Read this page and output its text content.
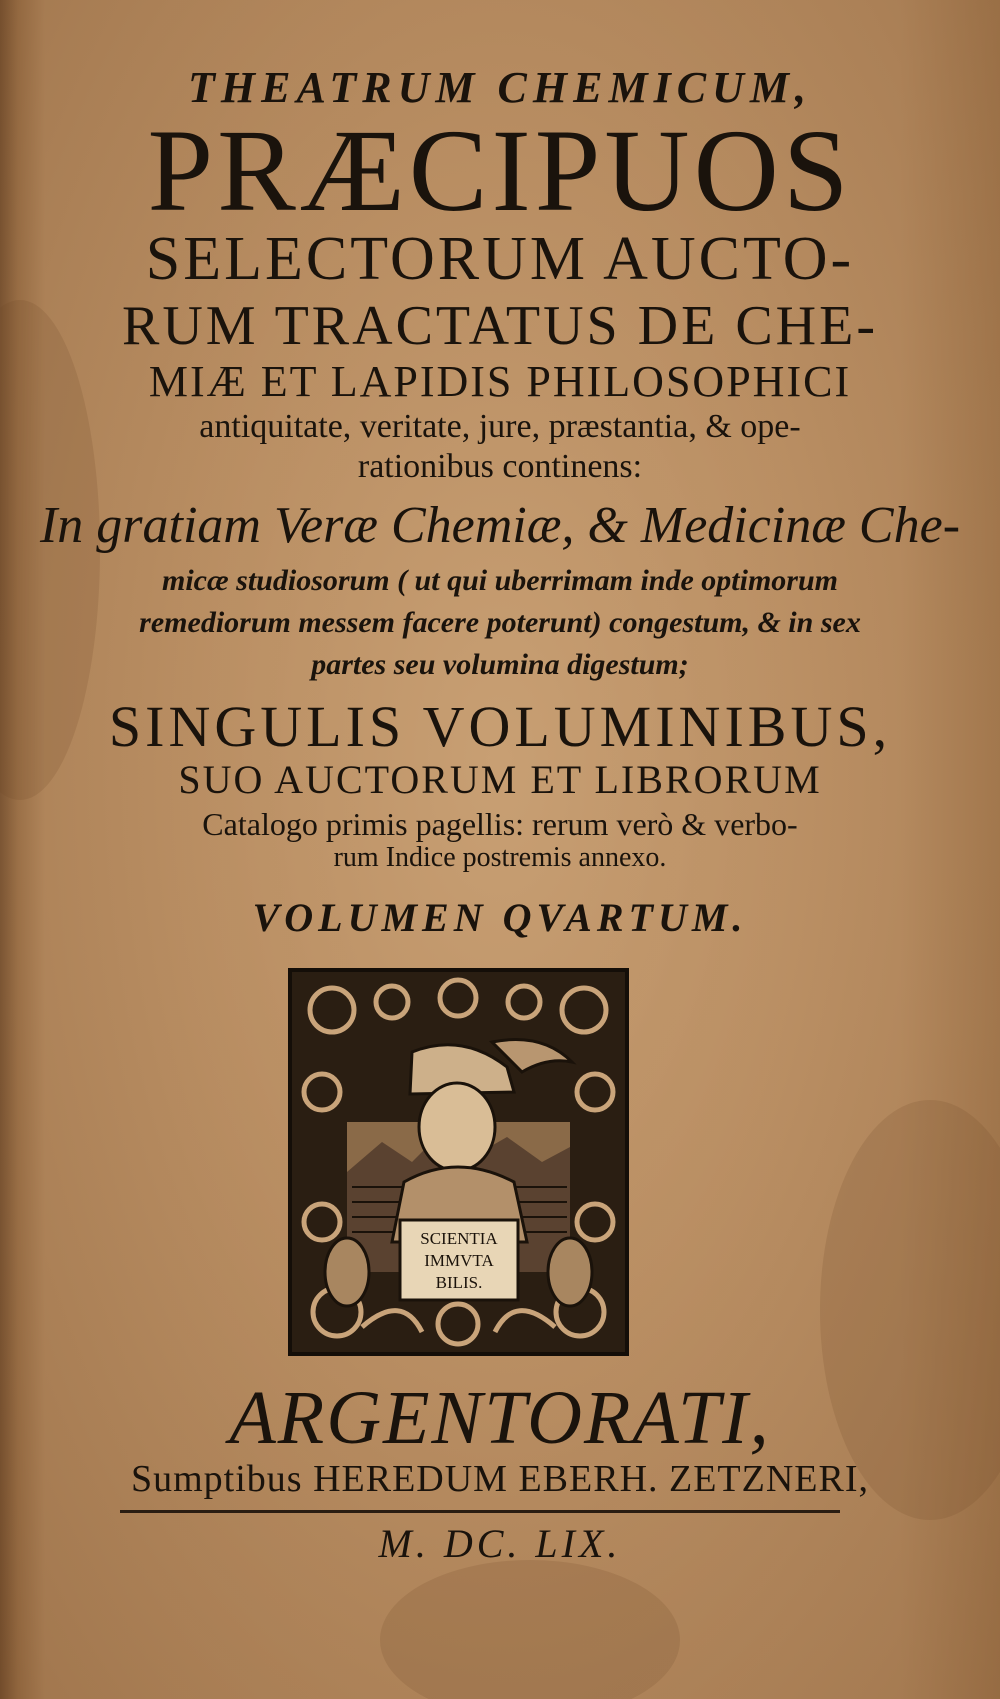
THEATRUM CHEMICUM,
PRÆCIPUOS
SELECTORUM AUCTO-
RUM TRACTATUS DE CHE-
MIÆ ET LAPIDIS PHILOSOPHICI
antiquitate, veritate, jure, præstantia, & ope-
rationibus continens:
In gratiam Veræ Chemiæ, & Medicinæ Che-
micæ studiosorum ( ut qui uberrimam inde optimorum
remediorum messem facere poterunt) congestum, & in sex
partes seu volumina digestum;
SINGULIS VOLUMINIBUS,
SUO AUCTORUM ET LIBRORUM
Catalogo primis pagellis: rerum verò & verbo-
rum Indice postremis annexo.
VOLUMEN QVARTUM.
SCIENTIA
IMMVTA
BILIS.
ARGENTORATI,
Sumptibus HEREDUM EBERH. ZETZNERI,
M. DC. LIX.
